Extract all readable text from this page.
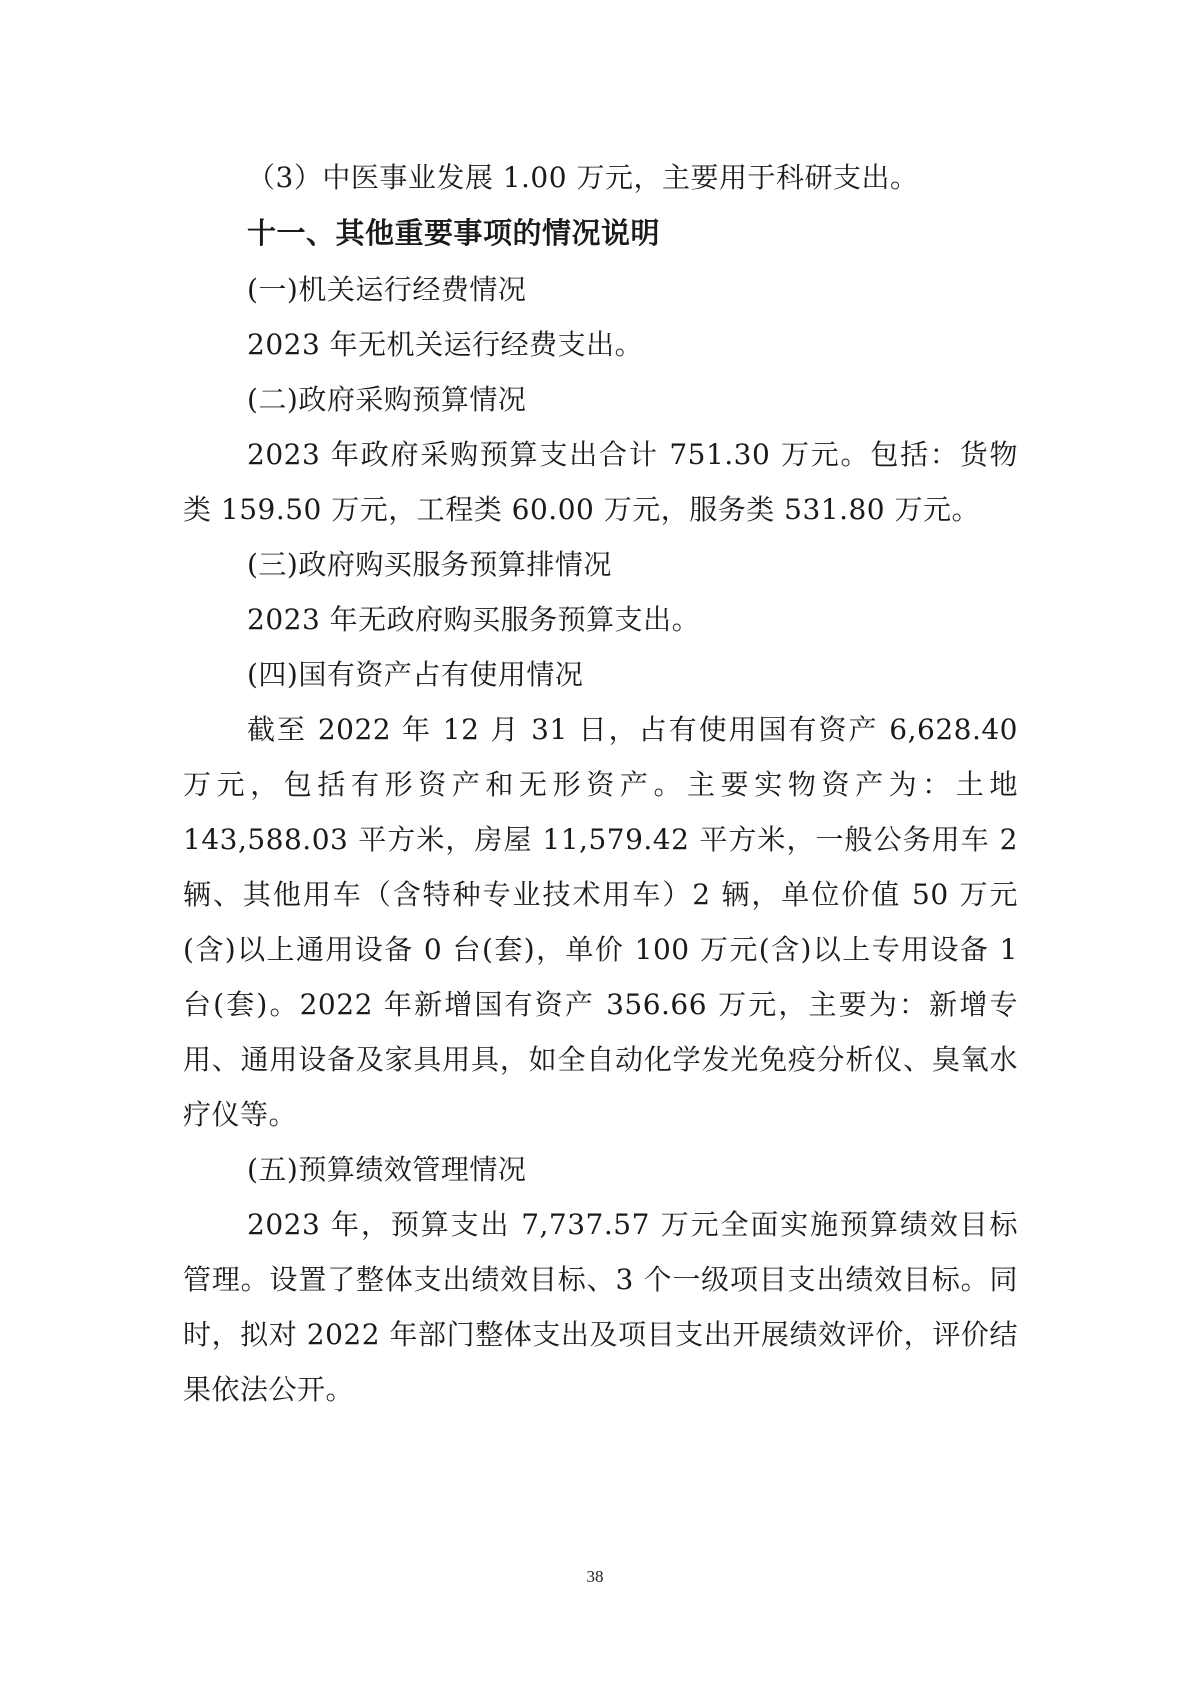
（3）中医事业发展 1.00 万元，主要用于科研支出。

十一、其他重要事项的情况说明

(一)机关运行经费情况

2023 年无机关运行经费支出。

(二)政府采购预算情况

2023 年政府采购预算支出合计 751.30 万元。包括：货物类 159.50 万元，工程类 60.00 万元，服务类 531.80 万元。

(三)政府购买服务预算排情况

2023 年无政府购买服务预算支出。

(四)国有资产占有使用情况

截至 2022 年 12 月 31 日，占有使用国有资产 6,628.40 万元，包括有形资产和无形资产。主要实物资产为：土地 143,588.03 平方米，房屋 11,579.42 平方米，一般公务用车 2 辆、其他用车（含特种专业技术用车）2 辆，单位价值 50 万元(含)以上通用设备 0 台(套)，单价 100 万元(含)以上专用设备 1 台(套)。2022 年新增国有资产 356.66 万元，主要为：新增专用、通用设备及家具用具，如全自动化学发光免疫分析仪、臭氧水疗仪等。

(五)预算绩效管理情况

2023 年，预算支出 7,737.57 万元全面实施预算绩效目标管理。设置了整体支出绩效目标、3 个一级项目支出绩效目标。同时，拟对 2022 年部门整体支出及项目支出开展绩效评价，评价结果依法公开。

38
